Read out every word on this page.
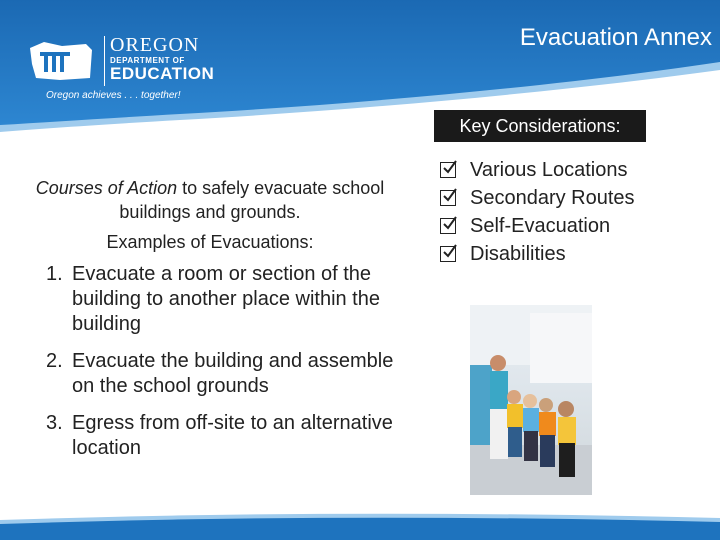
OREGON
DEPARTMENT OF
EDUCATION
Oregon achieves . . . together!
Evacuation Annex
Key Considerations:
Various Locations
Secondary Routes
Self-Evacuation
Disabilities
Courses of Action to safely evacuate school buildings and grounds.
Examples of Evacuations:
1. Evacuate a room or section of the building to another place within the building
2. Evacuate the building and assemble on the school grounds
3. Egress from off-site to an alternative location
